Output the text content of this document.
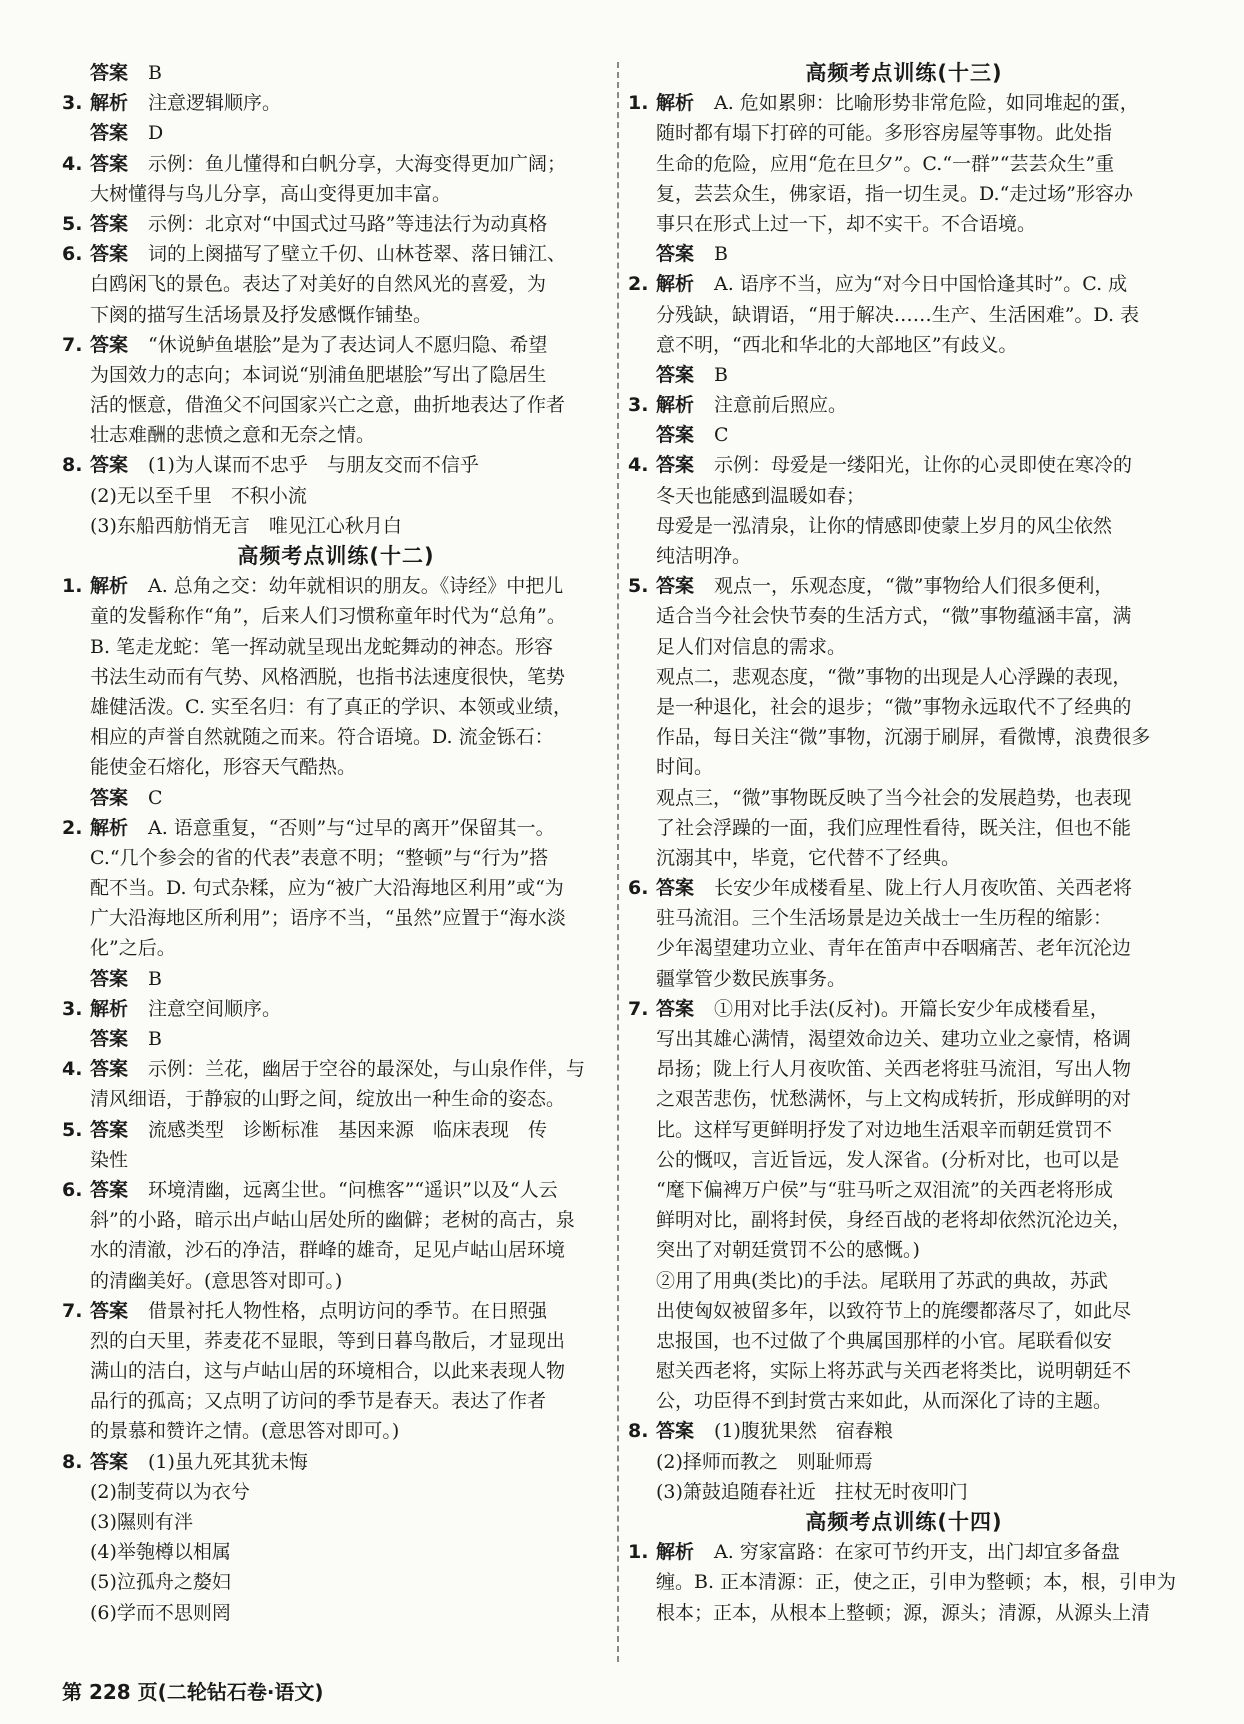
答案 B
3. 解析 注意逻辑顺序。
答案 D
4. 答案 示例：鱼儿懂得和白帆分享，大海变得更加广阔；
大树懂得与鸟儿分享，高山变得更加丰富。
5. 答案 示例：北京对“中国式过马路”等违法行为动真格
6. 答案 词的上阕描写了壁立千仞、山林苍翠、落日铺江、
白鸥闲飞的景色。表达了对美好的自然风光的喜爱，为
下阕的描写生活场景及抒发感慨作铺垫。
7. 答案 “休说鲈鱼堪脍”是为了表达词人不愿归隐、希望
为国效力的志向；本词说“别浦鱼肥堪脍”写出了隐居生
活的惬意，借渔父不问国家兴亡之意，曲折地表达了作者
壮志难酬的悲愤之意和无奈之情。
8. 答案 (1)为人谋而不忠乎　与朋友交而不信乎
(2)无以至千里　不积小流
(3)东船西舫悄无言　唯见江心秋月白
高频考点训练(十二)
1. 解析 A. 总角之交：幼年就相识的朋友。《诗经》中把儿
童的发髻称作“角”，后来人们习惯称童年时代为“总角”。
B. 笔走龙蛇：笔一挥动就呈现出龙蛇舞动的神态。形容
书法生动而有气势、风格洒脱，也指书法速度很快，笔势
雄健活泼。C. 实至名归：有了真正的学识、本领或业绩，
相应的声誉自然就随之而来。符合语境。D. 流金铄石：
能使金石熔化，形容天气酷热。
答案 C
2. 解析 A. 语意重复，“否则”与“过早的离开”保留其一。
C.“几个参会的省的代表”表意不明；“整顿”与“行为”搭
配不当。D. 句式杂糅，应为“被广大沿海地区利用”或“为
广大沿海地区所利用”；语序不当，“虽然”应置于“海水淡
化”之后。
答案 B
3. 解析 注意空间顺序。
答案 B
4. 答案 示例：兰花，幽居于空谷的最深处，与山泉作伴，与
清风细语，于静寂的山野之间，绽放出一种生命的姿态。
5. 答案 流感类型　诊断标准　基因来源　临床表现　传
染性
6. 答案 环境清幽，远离尘世。“问樵客”“遥识”以及“人云
斜”的小路，暗示出卢岵山居处所的幽僻；老树的高古，泉
水的清澈，沙石的净洁，群峰的雄奇，足见卢岵山居环境
的清幽美好。(意思答对即可。)
7. 答案 借景衬托人物性格，点明访问的季节。在日照强
烈的白天里，荞麦花不显眼，等到日暮鸟散后，才显现出
满山的洁白，这与卢岵山居的环境相合，以此来表现人物
品行的孤高；又点明了访问的季节是春天。表达了作者
的景慕和赞许之情。(意思答对即可。)
8. 答案 (1)虽九死其犹未悔
(2)制芰荷以为衣兮
(3)隰则有泮
(4)举匏樽以相属
(5)泣孤舟之嫠妇
(6)学而不思则罔
高频考点训练(十三)
1. 解析 A. 危如累卵：比喻形势非常危险，如同堆起的蛋，
随时都有塌下打碎的可能。多形容房屋等事物。此处指
生命的危险，应用“危在旦夕”。C.“一群”“芸芸众生”重
复，芸芸众生，佛家语，指一切生灵。D.“走过场”形容办
事只在形式上过一下，却不实干。不合语境。
答案 B
2. 解析 A. 语序不当，应为“对今日中国恰逢其时”。C. 成
分残缺，缺谓语，“用于解决……生产、生活困难”。D. 表
意不明，“西北和华北的大部地区”有歧义。
答案 B
3. 解析 注意前后照应。
答案 C
4. 答案 示例：母爱是一缕阳光，让你的心灵即使在寒冷的
冬天也能感到温暖如春；
母爱是一泓清泉，让你的情感即使蒙上岁月的风尘依然
纯洁明净。
5. 答案 观点一，乐观态度，“微”事物给人们很多便利，
适合当今社会快节奏的生活方式，“微”事物蕴涵丰富，满
足人们对信息的需求。
观点二，悲观态度，“微”事物的出现是人心浮躁的表现，
是一种退化，社会的退步；“微”事物永远取代不了经典的
作品，每日关注“微”事物，沉溺于刷屏，看微博，浪费很多
时间。
观点三，“微”事物既反映了当今社会的发展趋势，也表现
了社会浮躁的一面，我们应理性看待，既关注，但也不能
沉溺其中，毕竟，它代替不了经典。
6. 答案 长安少年成楼看星、陇上行人月夜吹笛、关西老将
驻马流泪。三个生活场景是边关战士一生历程的缩影：
少年渴望建功立业、青年在笛声中吞咽痛苦、老年沉沦边
疆掌管少数民族事务。
7. 答案 ①用对比手法(反衬)。开篇长安少年成楼看星，
写出其雄心满情，渴望效命边关、建功立业之豪情，格调
昂扬；陇上行人月夜吹笛、关西老将驻马流泪，写出人物
之艰苦悲伤，忧愁满怀，与上文构成转折，形成鲜明的对
比。这样写更鲜明抒发了对边地生活艰辛而朝廷赏罚不
公的慨叹，言近旨远，发人深省。(分析对比，也可以是
“麾下偏裨万户侯”与“驻马听之双泪流”的关西老将形成
鲜明对比，副将封侯，身经百战的老将却依然沉沦边关，
突出了对朝廷赏罚不公的感慨。)
②用了用典(类比)的手法。尾联用了苏武的典故，苏武
出使匈奴被留多年，以致符节上的旄缨都落尽了，如此尽
忠报国，也不过做了个典属国那样的小官。尾联看似安
慰关西老将，实际上将苏武与关西老将类比，说明朝廷不
公，功臣得不到封赏古来如此，从而深化了诗的主题。
8. 答案 (1)腹犹果然　宿舂粮
(2)择师而教之　则耻师焉
(3)箫鼓追随春社近　拄杖无时夜叩门
高频考点训练(十四)
1. 解析 A. 穷家富路：在家可节约开支，出门却宜多备盘
缠。B. 正本清源：正，使之正，引申为整顿；本，根，引申为
根本；正本，从根本上整顿；源，源头；清源，从源头上清
第 228 页(二轮钻石卷·语文)
